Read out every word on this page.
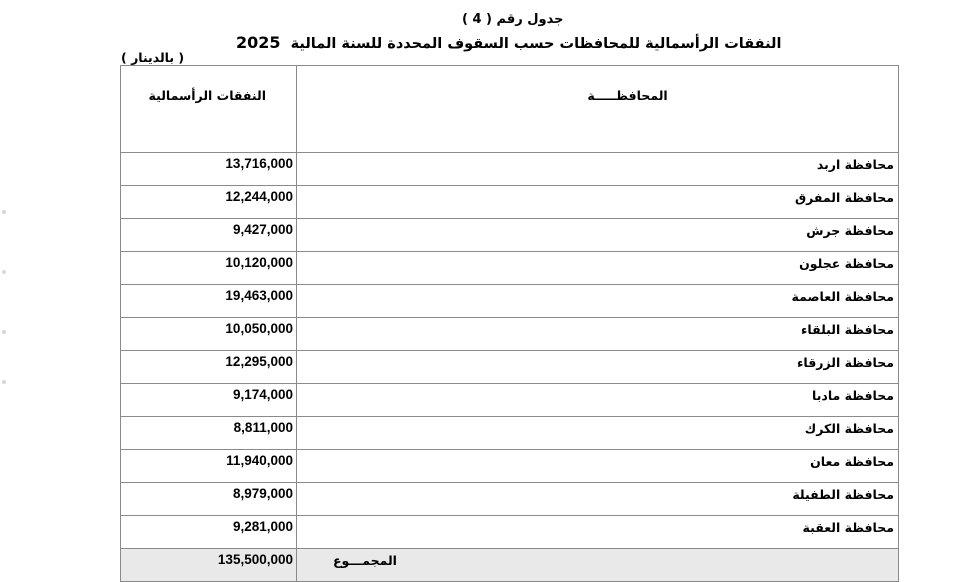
جدول رقم ( 4 )
النفقات الرأسمالية للمحافظات حسب السقوف المحددة للسنة المالية  2025
( بالدينار )
النفقات الرأسمالية	المحافظـــــة
13,716,000	محافظة اربد
12,244,000	محافظة المفرق
9,427,000	محافظة جرش
10,120,000	محافظة عجلون
19,463,000	محافظة العاصمة
10,050,000	محافظة البلقاء
12,295,000	محافظة الزرقاء
9,174,000	محافظة مادبا
8,811,000	محافظة الكرك
11,940,000	محافظة معان
8,979,000	محافظة الطفيلة
9,281,000	محافظة العقبة
135,500,000	المجمـــوع
